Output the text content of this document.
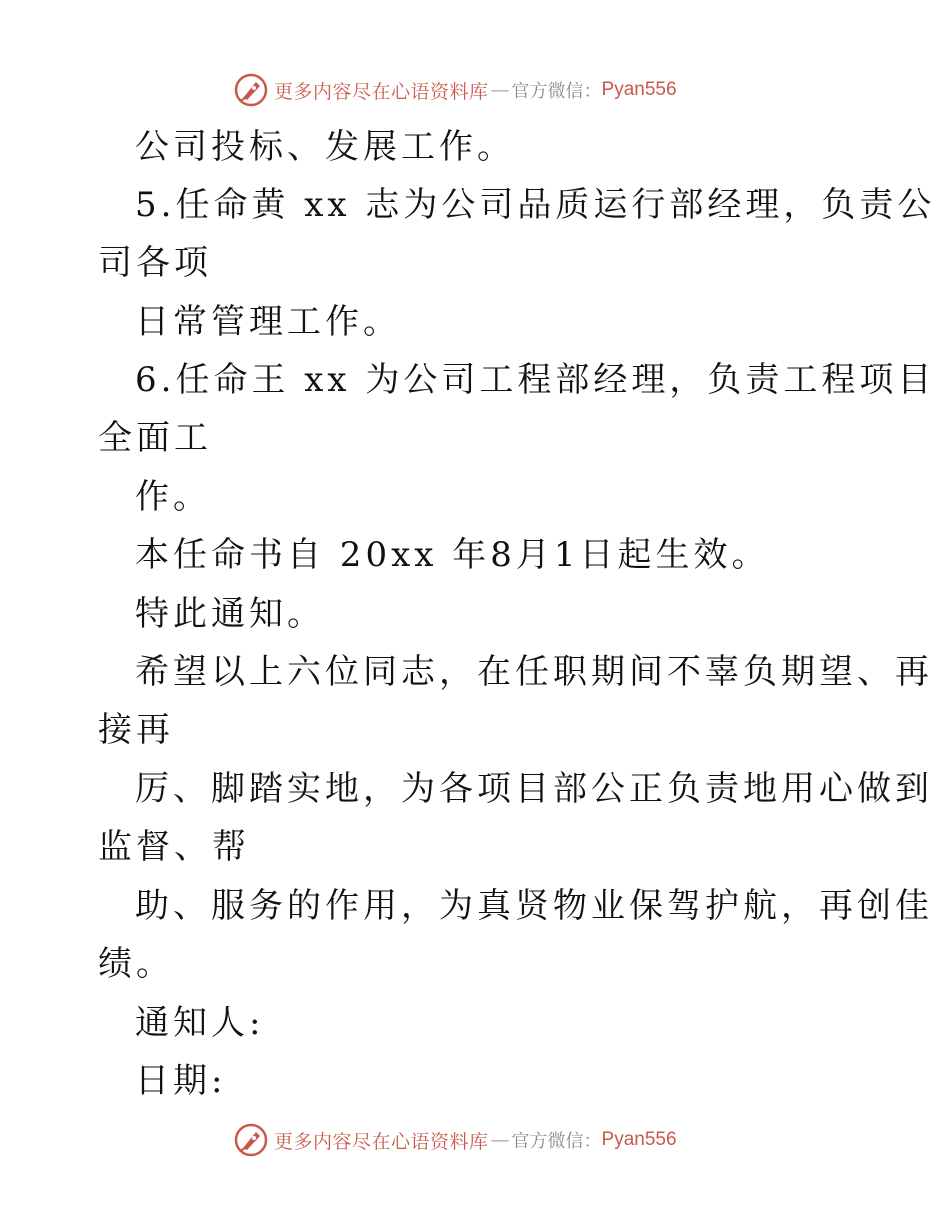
更多内容尽在心语资料库 — 官方微信： Pyan556
公司投标、发展工作。
5.任命黄 xx 志为公司品质运行部经理，负责公
司各项
日常管理工作。
6.任命王 xx 为公司工程部经理，负责工程项目
全面工
作。
本任命书自 20xx 年8月1日起生效。
特此通知。
希望以上六位同志，在任职期间不辜负期望、再
接再
厉、脚踏实地，为各项目部公正负责地用心做到
监督、帮
助、服务的作用，为真贤物业保驾护航，再创佳
绩。
通知人:
日期:
更多内容尽在心语资料库 — 官方微信： Pyan556
